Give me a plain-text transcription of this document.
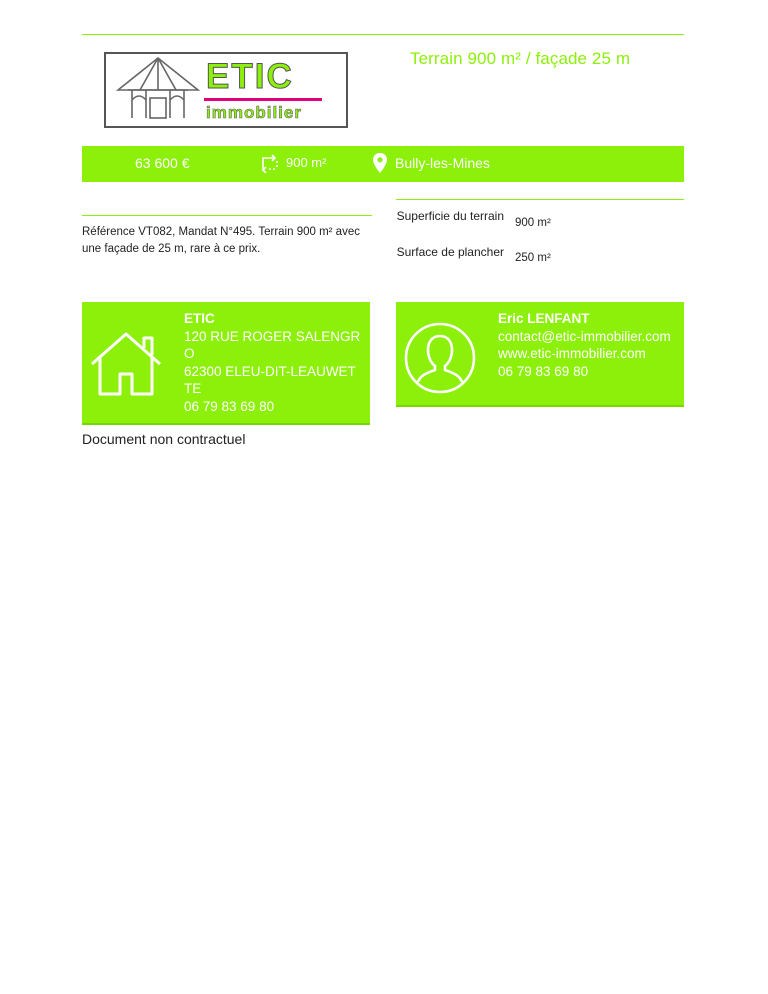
Terrain 900 m² / façade 25 m
ETIC
immobilier
63 600 €	900 m²	Bully-les-Mines
Référence VT082, Mandat N°495. Terrain 900 m² avec une façade de 25 m, rare à ce prix.
Superficie du terrain 900 m²
Surface de plancher 250 m²
ETIC
120 RUE ROGER SALENGRO
62300 ELEU-DIT-LEAUWETTE
06 79 83 69 80
Eric LENFANT
contact@etic-immobilier.com
www.etic-immobilier.com
06 79 83 69 80
Document non contractuel
